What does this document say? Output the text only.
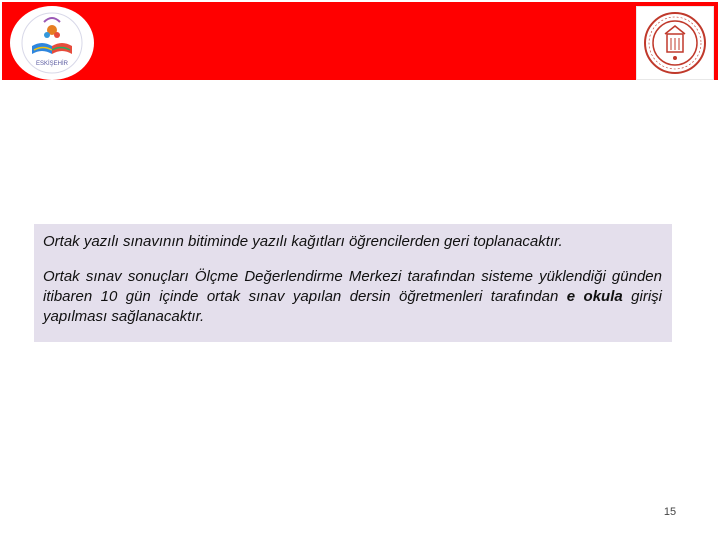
ESKİŞEHİR

Ortak yazılı sınavının bitiminde yazılı kağıtları öğrencilerden geri toplanacaktır.

Ortak sınav sonuçları Ölçme Değerlendirme Merkezi tarafından sisteme yüklendiği günden itibaren 10 gün içinde ortak sınav yapılan dersin öğretmenleri tarafından e okula girişi yapılması sağlanacaktır.

15
